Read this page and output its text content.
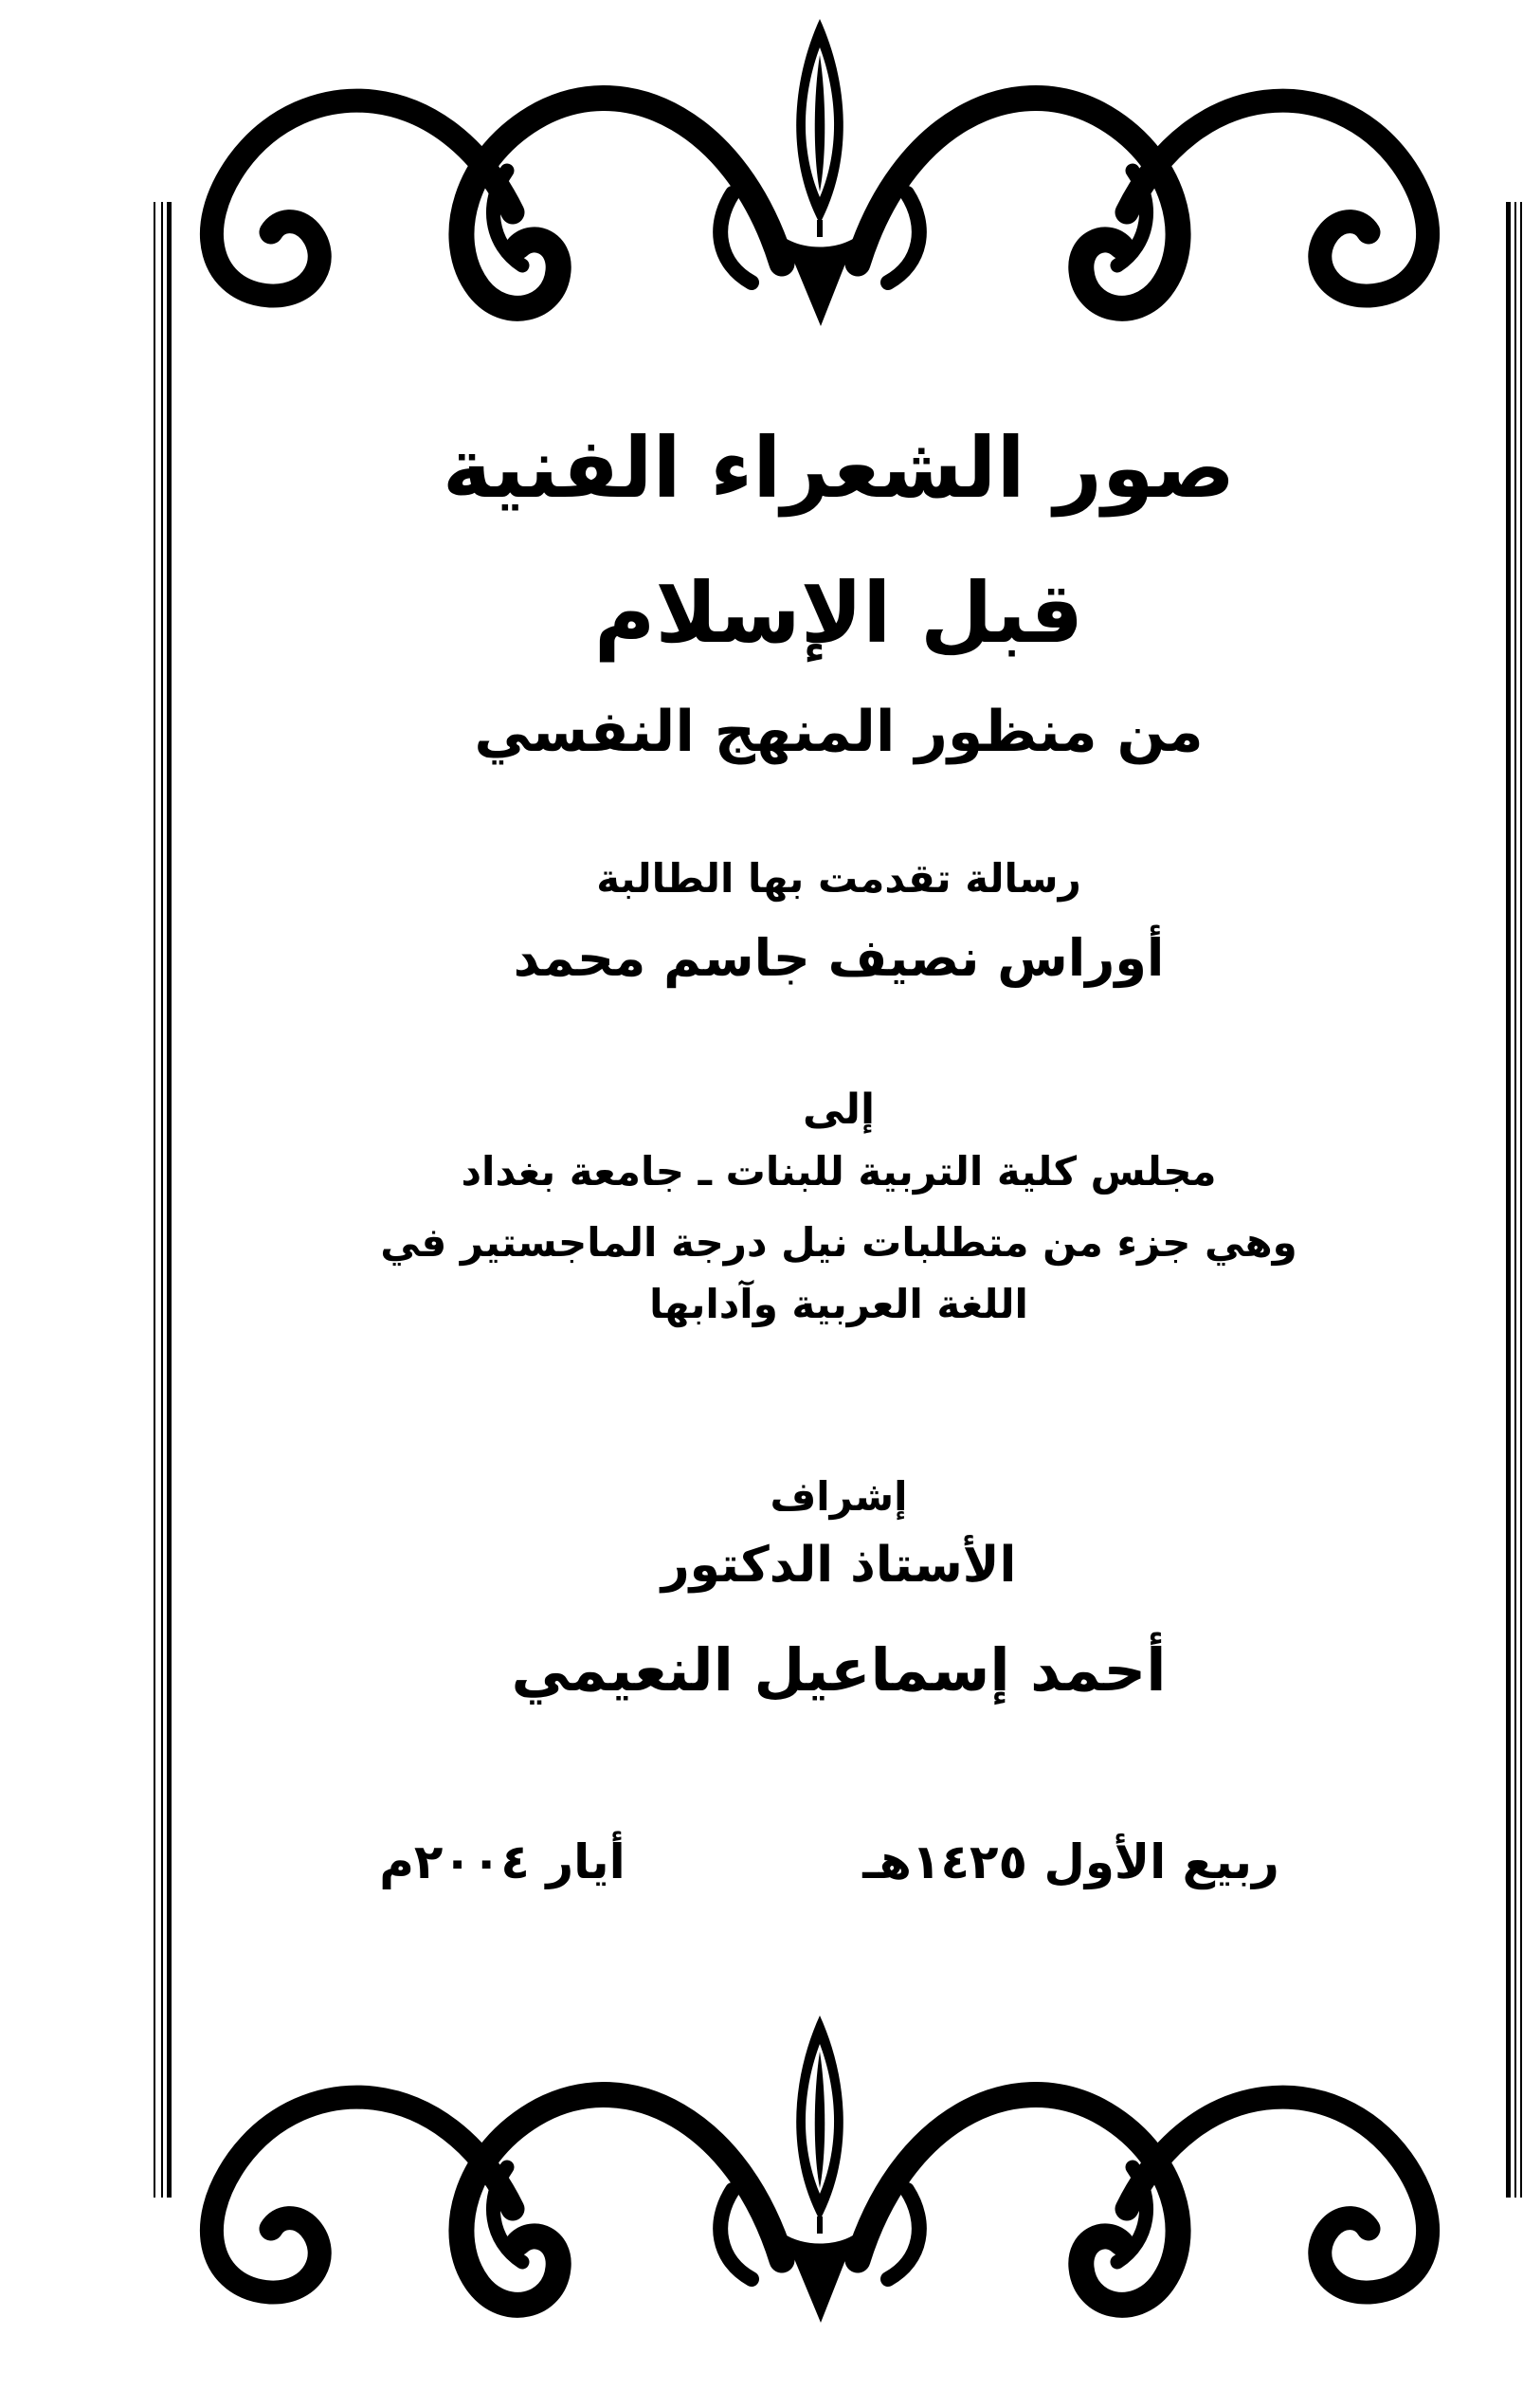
صور الشعراء الفنية
قبل الإسلام
من منظور المنهج النفسي
رسالة تقدمت بها الطالبة
أوراس نصيف جاسم محمد
إلى
مجلس كلية التربية للبنات ـ جامعة بغداد
وهي جزء من متطلبات نيل درجة الماجستير في
اللغة العربية وآدابها
إشراف
الأستاذ الدكتور
أحمد إسماعيل النعيمي
ربيع الأول ١٤٢٥هـ
أيار ٢٠٠٤م
